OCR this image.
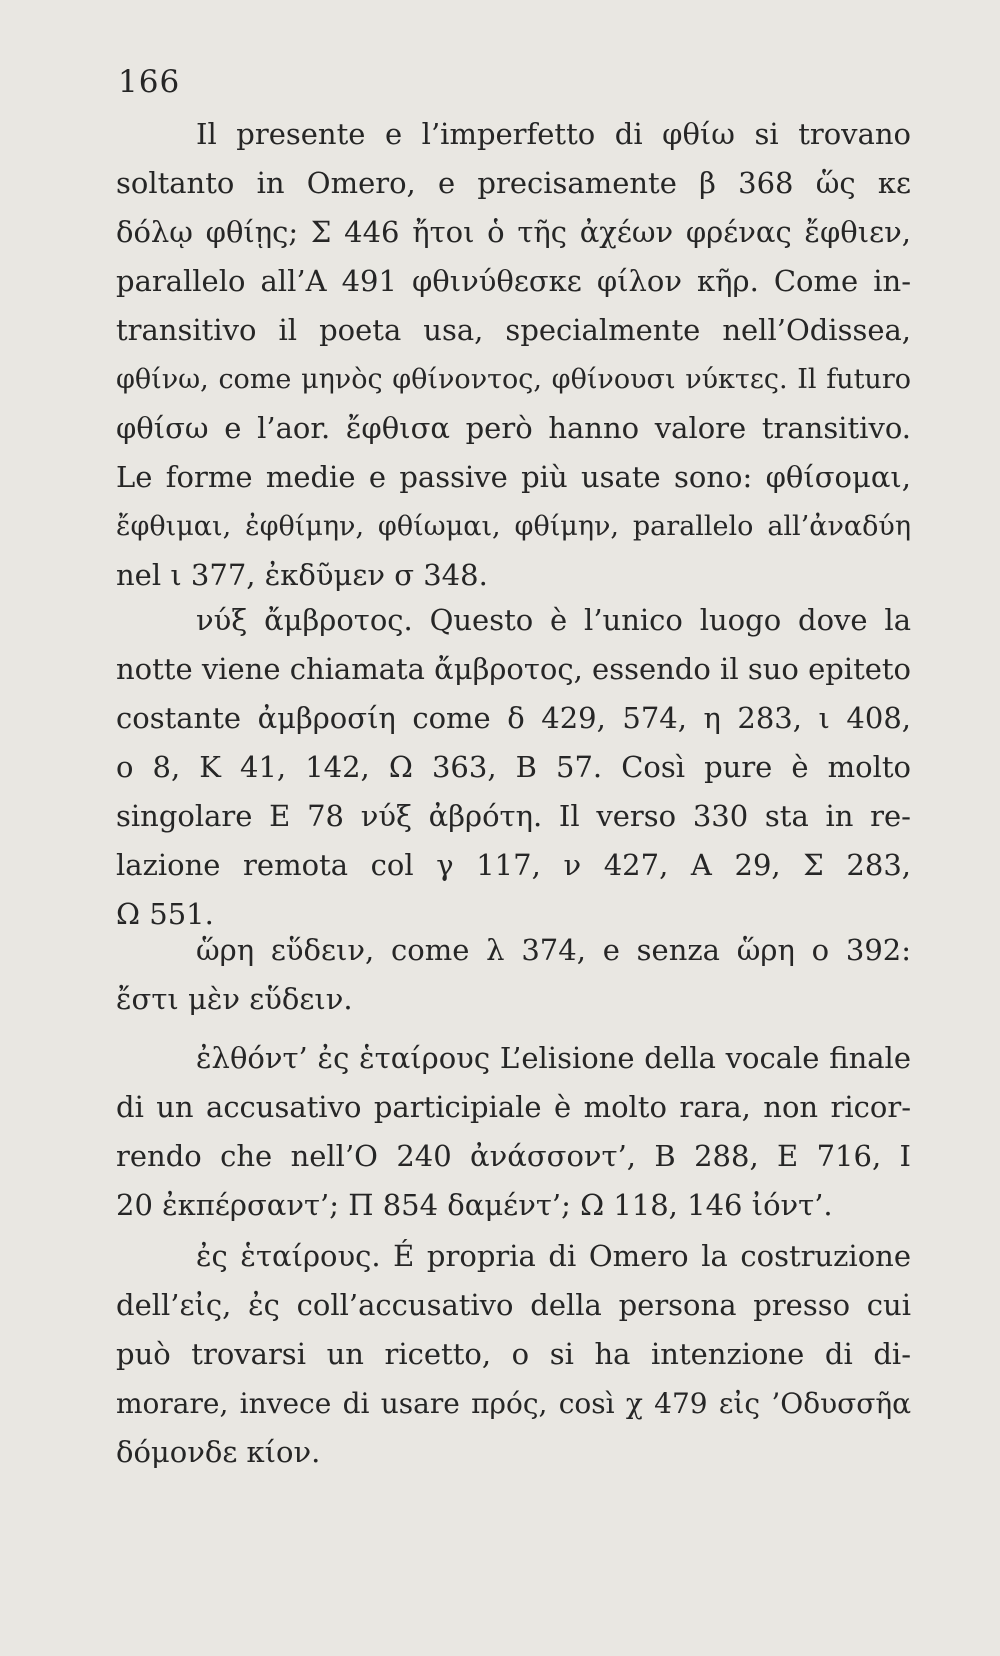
166
Il presente e l’imperfetto di φθίω si trovano
soltanto in Omero, e precisamente β 368 ὥς κε
δόλῳ φθίῃς; Σ 446 ἤτοι ὁ τῆς ἀχέων φρένας ἔφθιεν,
parallelo all’A 491 φθινύθεσκε φίλον κῆρ. Come in-
transitivo il poeta usa, specialmente nell’Odissea,
φθίνω, come μηνὸς φθίνοντος, φθίνουσι νύκτες. Il futuro
φθίσω e l’aor. ἔφθισα però hanno valore transitivo.
Le forme medie e passive più usate sono: φθίσομαι,
ἔφθιμαι, ἐφθίμην, φθίωμαι, φθίμην, parallelo all’ἀναδύη
nel ι 377, ἐκδῦμεν σ 348.
νύξ ἄμβροτος. Questo è l’unico luogo dove la
notte viene chiamata ἄμβροτος, essendo il suo epiteto
costante ἀμβροσίη come δ 429, 574, η 283, ι 408,
ο 8, K 41, 142, Ω 363, B 57. Così pure è molto
singolare E 78 νύξ ἀβρότη. Il verso 330 sta in re-
lazione remota col γ 117, ν 427, A 29, Σ 283,
Ω 551.
ὥρη εὕδειν, come λ 374, e senza ὥρη ο 392:
ἔστι μὲν εὕδειν.
ἐλθόντ’ ἐς ἑταίρους L’elisione della vocale finale
di un accusativo participiale è molto rara, non ricor-
rendo che nell’O 240 ἀνάσσοντ’, B 288, E 716, I
20 ἐκπέρσαντ’; Π 854 δαμέντ’; Ω 118, 146 ἰόντ’.
ἐς ἑταίρους. É propria di Omero la costruzione
dell’εἰς, ἐς coll’accusativo della persona presso cui
può trovarsi un ricetto, o si ha intenzione di di-
morare, invece di usare πρός, così χ 479 εἰς ’Οδυσσῆα
δόμονδε κίον.
